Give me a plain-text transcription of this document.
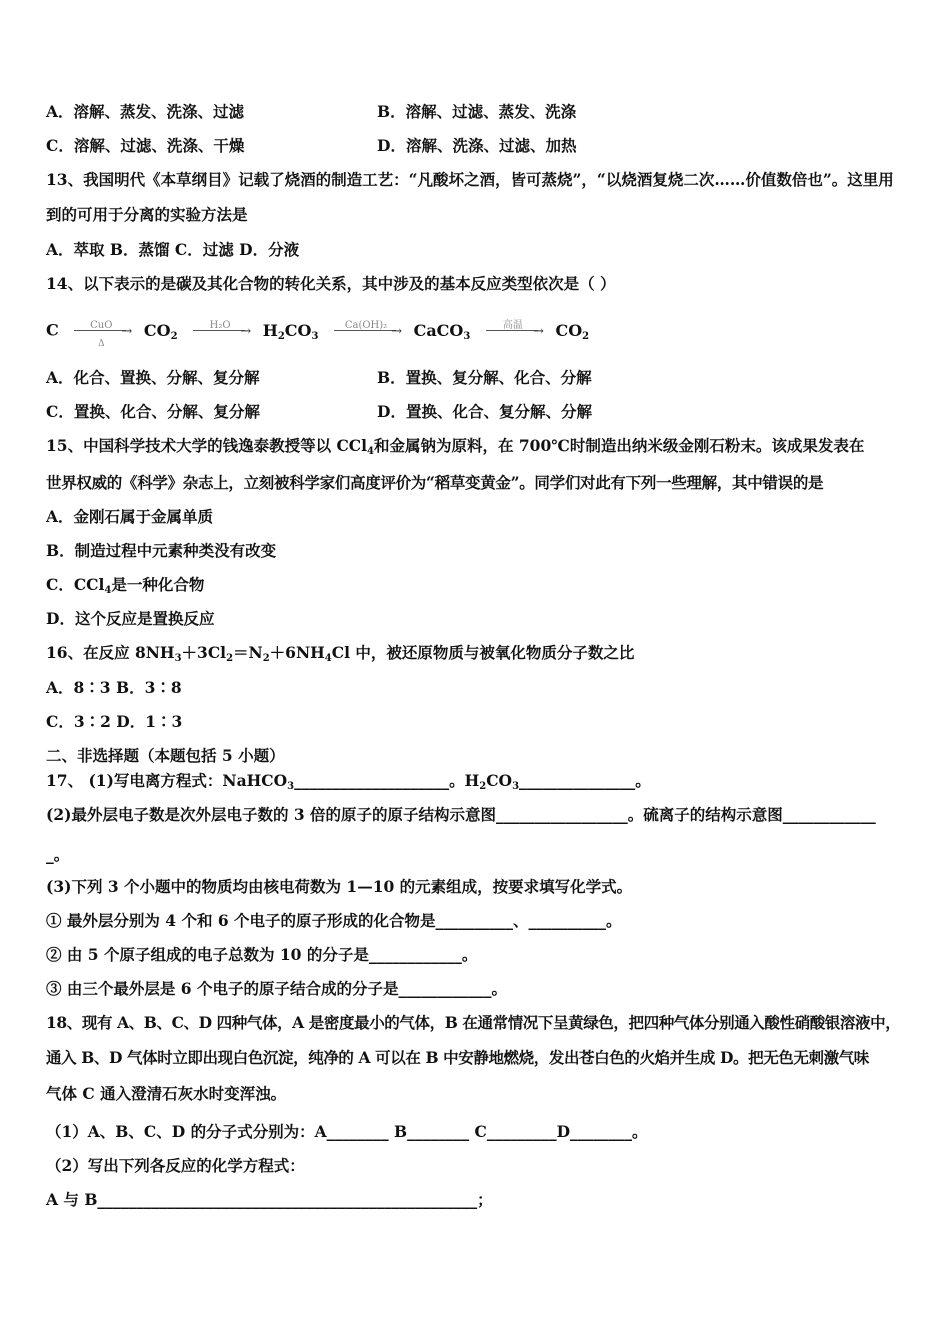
A．溶解、蒸发、洗涤、过滤	B．溶解、过滤、蒸发、洗涤
C．溶解、过滤、洗涤、干燥	D．溶解、洗涤、过滤、加热
13、我国明代《本草纲目》记载了烧酒的制造工艺：“凡酸坏之酒，皆可蒸烧”，“以烧酒复烧二次……价值数倍也”。这里用
到的可用于分离的实验方法是
A．萃取 B．蒸馏 C．过滤 D．分液
14、以下表示的是碳及其化合物的转化关系，其中涉及的基本反应类型依次是（ ）
C	CuO →
Δ
$CO_2$
$H_2O \to H_2CO_3$
Ca(OH)₂ → CaCO$_3$
高温 → $CO_2$
A．化合、置换、分解、复分解	B．置换、复分解、化合、分解
C．置换、化合、分解、复分解	D．置换、化合、复分解、分解
15、中国科学技术大学的钱逸泰教授等以 CCl$_4$和金属钠为原料，在 700℃时制造出纳米级金刚石粉末。该成果发表在
世界权威的《科学》杂志上，立刻被科学家们高度评价为“稻草变黄金”。同学们对此有下列一些理解，其中错误的是
A．金刚石属于金属单质
B．制造过程中元素种类没有改变
C．CCl$_4$是一种化合物
D．这个反应是置换反应
16、在反应 $8NH_3+3Cl_2=N_2+6NH_4Cl$ 中，被还原物质与被氧化物质分子数之比
A．8∶3 B．3∶8
C．3∶2 D．1∶3
二、非选择题（本题包括 5 小题）
17、 (1)写电离方程式：NaHCO$_3$____________________。$H_2CO_3\_\_\_\_\_\_\_\_\_\_\_\_\_\_\_$。
(2)最外层电子数是次外层电子数的 3 倍的原子的原子结构示意图_________________。硫离子的结构示意图____________
_。
(3)下列 3 个小题中的物质均由核电荷数为 1—10 的元素组成，按要求填写化学式。
① 最外层分别为 4 个和 6 个电子的原子形成的化合物是__________、__________。
② 由 5 个原子组成的电子总数为 10 的分子是____________。
③ 由三个最外层是 6 个电子的原子结合成的分子是____________。
18、现有 A、B、C、D 四种气体，A 是密度最小的气体，B 在通常情况下呈黄绿色，把四种气体分别通入酸性硝酸银溶液中，
通入 B、D 气体时立即出现白色沉淀，纯净的 A 可以在 B 中安静地燃烧，发出苍白色的火焰并生成 D。把无色无刺激气味
气体 C 通入澄清石灰水时变浑浊。
（1）A、B、C、D 的分子式分别为：A________ B________ C_________D________。
（2）写出下列各反应的化学方程式：
A 与 B_________________________________________________；
